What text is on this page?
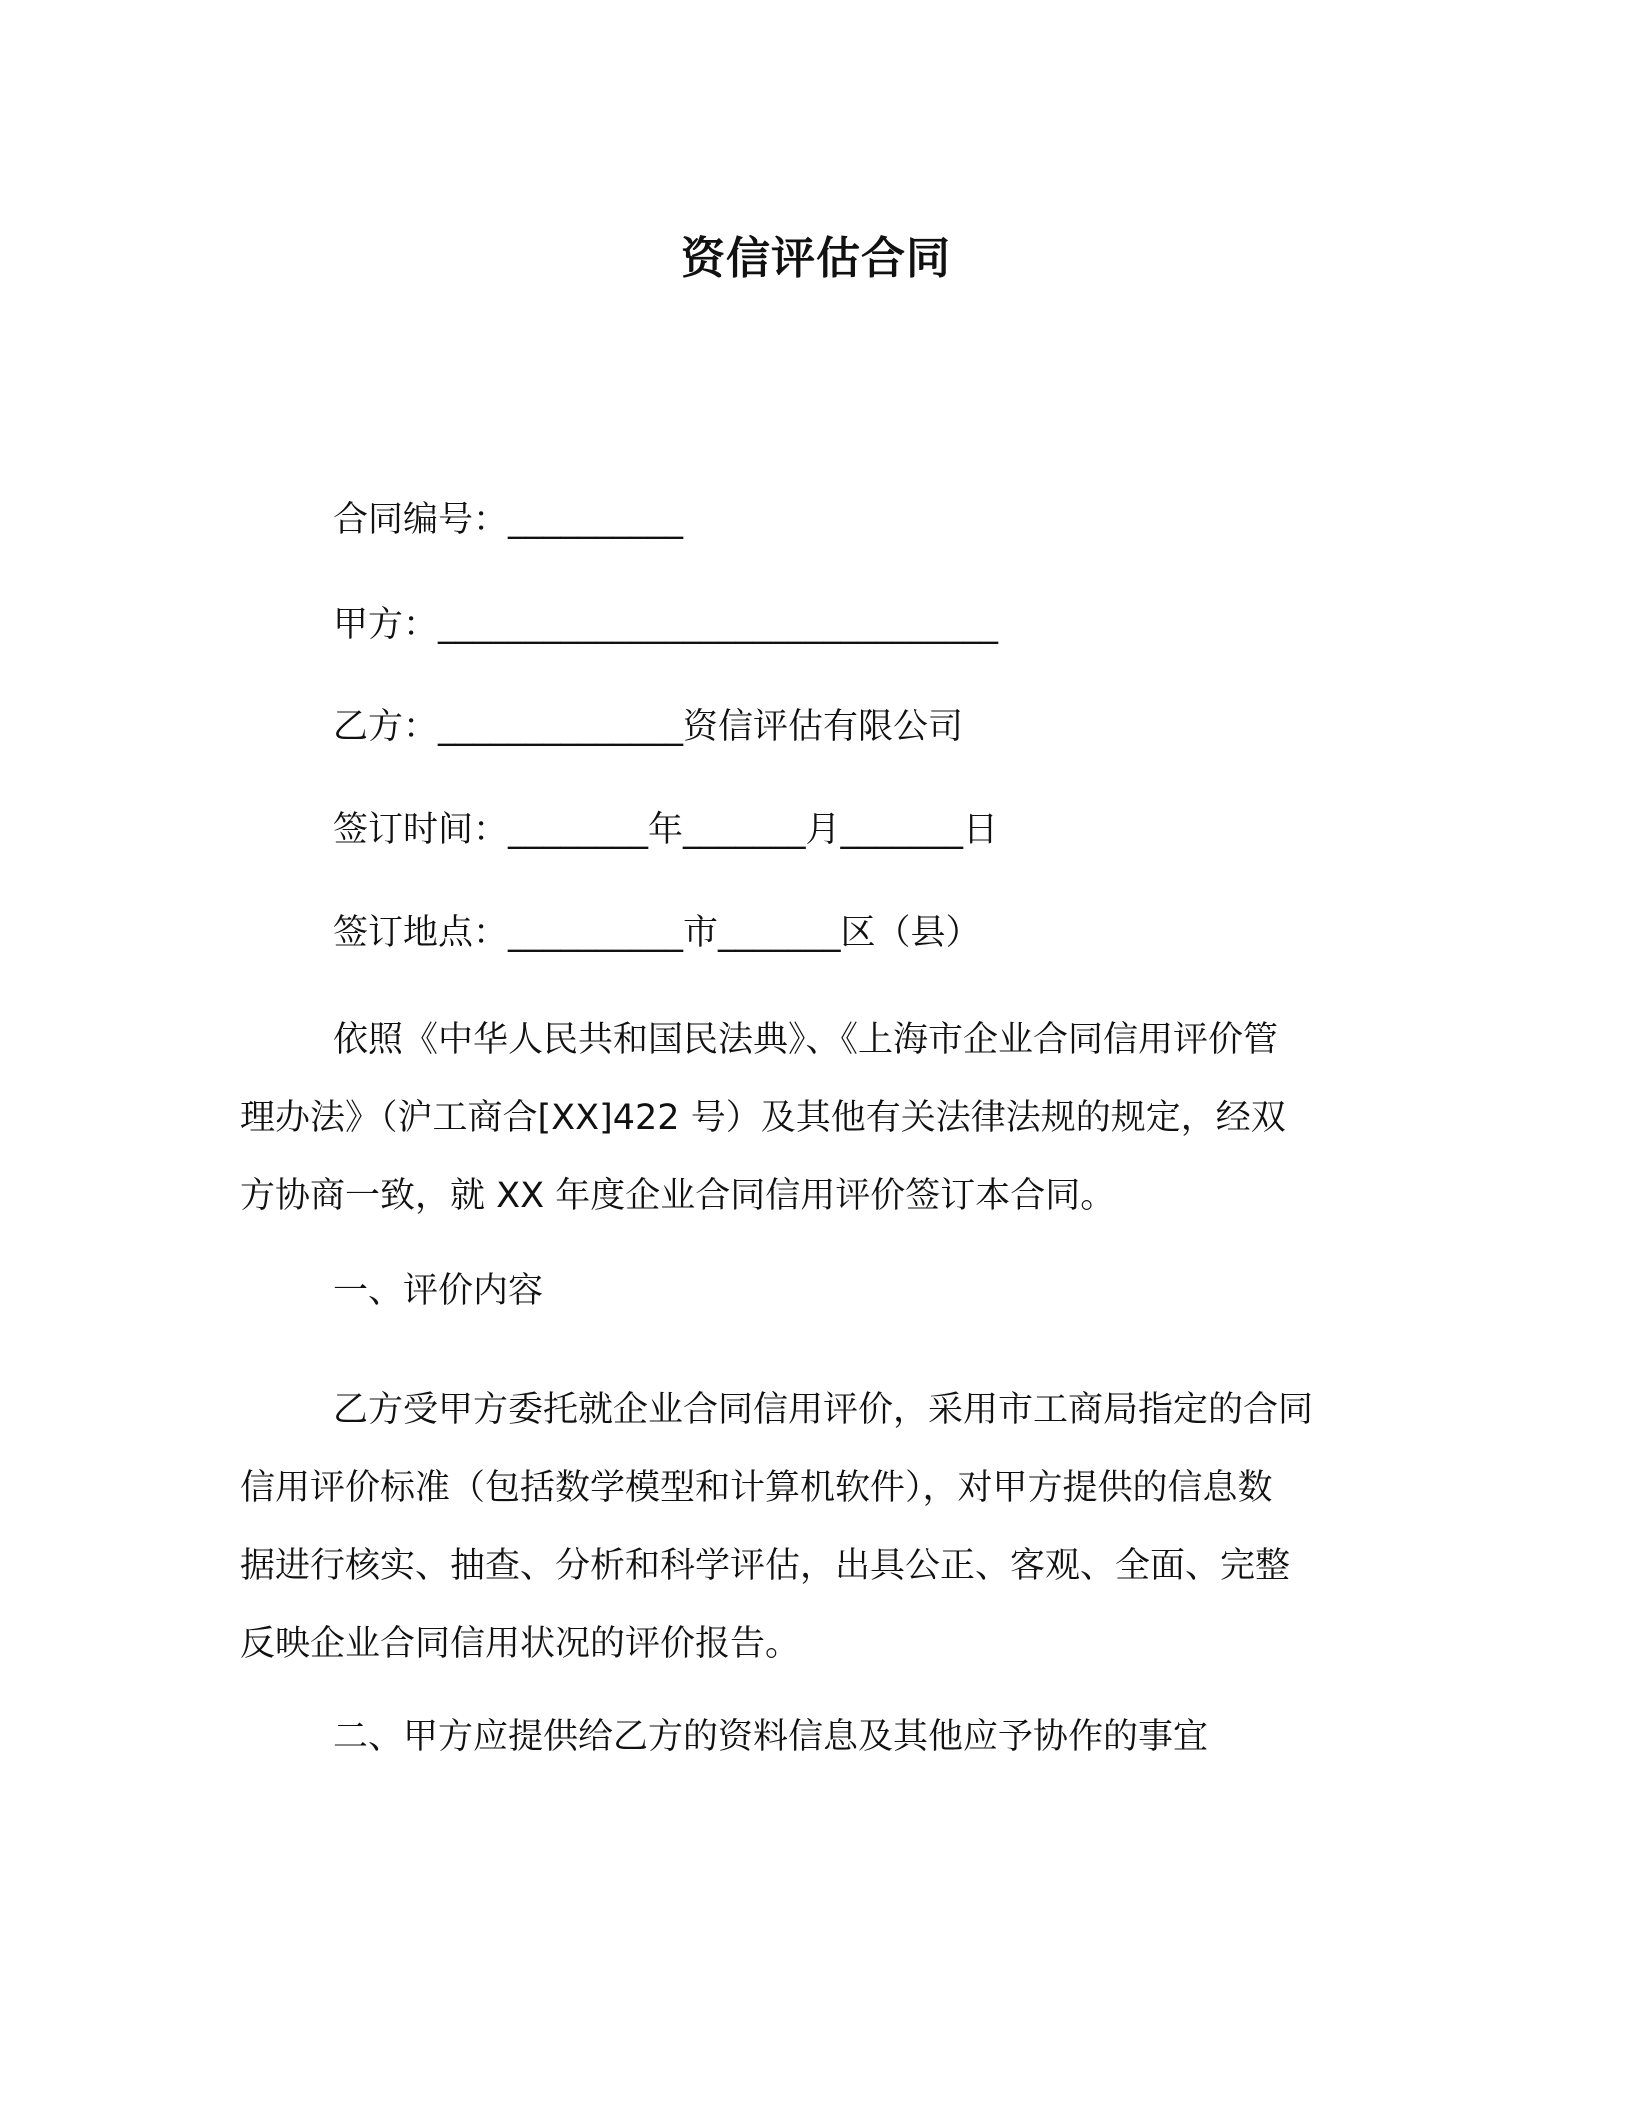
资信评估合同
合同编号：__________
甲方：________________________________
乙方：______________资信评估有限公司
签订时间：________年_______月_______日
签订地点：__________市_______区（县）
依照《中华人民共和国民法典》、《上海市企业合同信用评价管
理办法》（沪工商合[XX]422 号）及其他有关法律法规的规定，经双
方协商一致，就 XX 年度企业合同信用评价签订本合同。
一、评价内容
乙方受甲方委托就企业合同信用评价，采用市工商局指定的合同
信用评价标准（包括数学模型和计算机软件），对甲方提供的信息数
据进行核实、抽查、分析和科学评估，出具公正、客观、全面、完整
反映企业合同信用状况的评价报告。
二、甲方应提供给乙方的资料信息及其他应予协作的事宜
